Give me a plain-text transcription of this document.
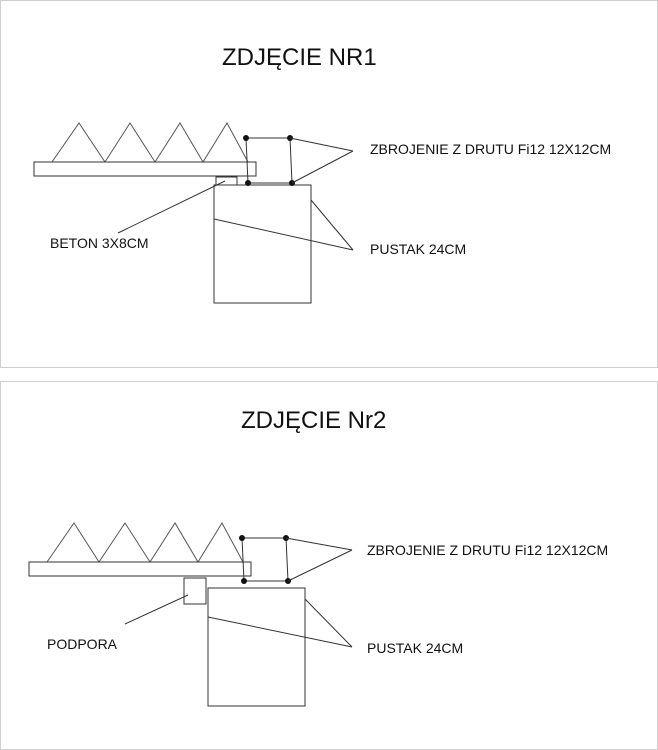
ZDJĘCIE NR1
ZBROJENIE Z DRUTU Fi12 12X12CM
BETON 3X8CM	PUSTAK 24CM
ZDJĘCIE Nr2
ZBROJENIE Z DRUTU Fi12 12X12CM
PODPORA	PUSTAK 24CM
